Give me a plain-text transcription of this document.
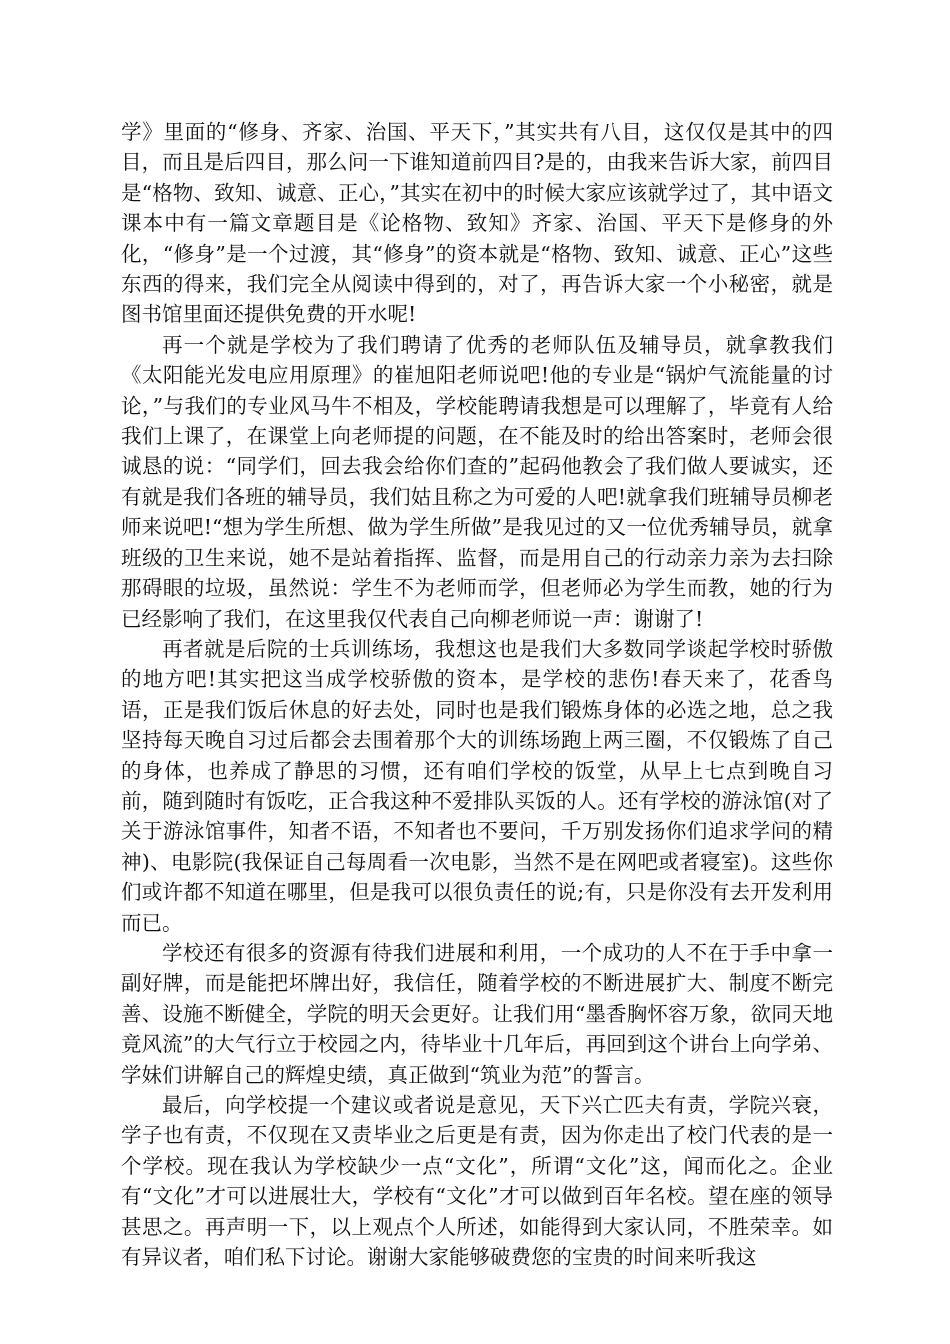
学》里面的“修身、齐家、治国、平天下，”其实共有八目，这仅仅是其中的四目，而且是后四目，那么问一下谁知道前四目?是的，由我来告诉大家，前四目是“格物、致知、诚意、正心，”其实在初中的时候大家应该就学过了，其中语文课本中有一篇文章题目是《论格物、致知》齐家、治国、平天下是修身的外化，“修身”是一个过渡，其“修身”的资本就是“格物、致知、诚意、正心”这些东西的得来，我们完全从阅读中得到的，对了，再告诉大家一个小秘密，就是图书馆里面还提供免费的开水呢!

再一个就是学校为了我们聘请了优秀的老师队伍及辅导员，就拿教我们《太阳能光发电应用原理》的崔旭阳老师说吧!他的专业是“锅炉气流能量的讨论，”与我们的专业风马牛不相及，学校能聘请我想是可以理解了，毕竟有人给我们上课了，在课堂上向老师提的问题，在不能及时的给出答案时，老师会很诚恳的说：“同学们，回去我会给你们查的”起码他教会了我们做人要诚实，还有就是我们各班的辅导员，我们姑且称之为可爱的人吧!就拿我们班辅导员柳老师来说吧!“想为学生所想、做为学生所做”是我见过的又一位优秀辅导员，就拿班级的卫生来说，她不是站着指挥、监督，而是用自己的行动亲力亲为去扫除那碍眼的垃圾，虽然说：学生不为老师而学，但老师必为学生而教，她的行为已经影响了我们，在这里我仅代表自己向柳老师说一声：谢谢了!

再者就是后院的士兵训练场，我想这也是我们大多数同学谈起学校时骄傲的地方吧!其实把这当成学校骄傲的资本，是学校的悲伤!春天来了，花香鸟语，正是我们饭后休息的好去处，同时也是我们锻炼身体的必选之地，总之我坚持每天晚自习过后都会去围着那个大的训练场跑上两三圈，不仅锻炼了自己的身体，也养成了静思的习惯，还有咱们学校的饭堂，从早上七点到晚自习前，随到随时有饭吃，正合我这种不爱排队买饭的人。还有学校的游泳馆(对了关于游泳馆事件，知者不语，不知者也不要问，千万别发扬你们追求学问的精神)、电影院(我保证自己每周看一次电影，当然不是在网吧或者寝室)。这些你们或许都不知道在哪里，但是我可以很负责任的说;有，只是你没有去开发利用而已。

学校还有很多的资源有待我们进展和利用，一个成功的人不在于手中拿一副好牌，而是能把坏牌出好，我信任，随着学校的不断进展扩大、制度不断完善、设施不断健全，学院的明天会更好。让我们用“墨香胸怀容万象，欲同天地竟风流”的大气行立于校园之内，待毕业十几年后，再回到这个讲台上向学弟、学妹们讲解自己的辉煌史绩，真正做到“筑业为范”的誓言。

最后，向学校提一个建议或者说是意见，天下兴亡匹夫有责，学院兴衰，学子也有责，不仅现在又责毕业之后更是有责，因为你走出了校门代表的是一个学校。现在我认为学校缺少一点“文化”，所谓“文化”这，闻而化之。企业有“文化”才可以进展壮大，学校有“文化”才可以做到百年名校。望在座的领导甚思之。再声明一下，以上观点个人所述，如能得到大家认同，不胜荣幸。如有异议者，咱们私下讨论。谢谢大家能够破费您的宝贵的时间来听我这
